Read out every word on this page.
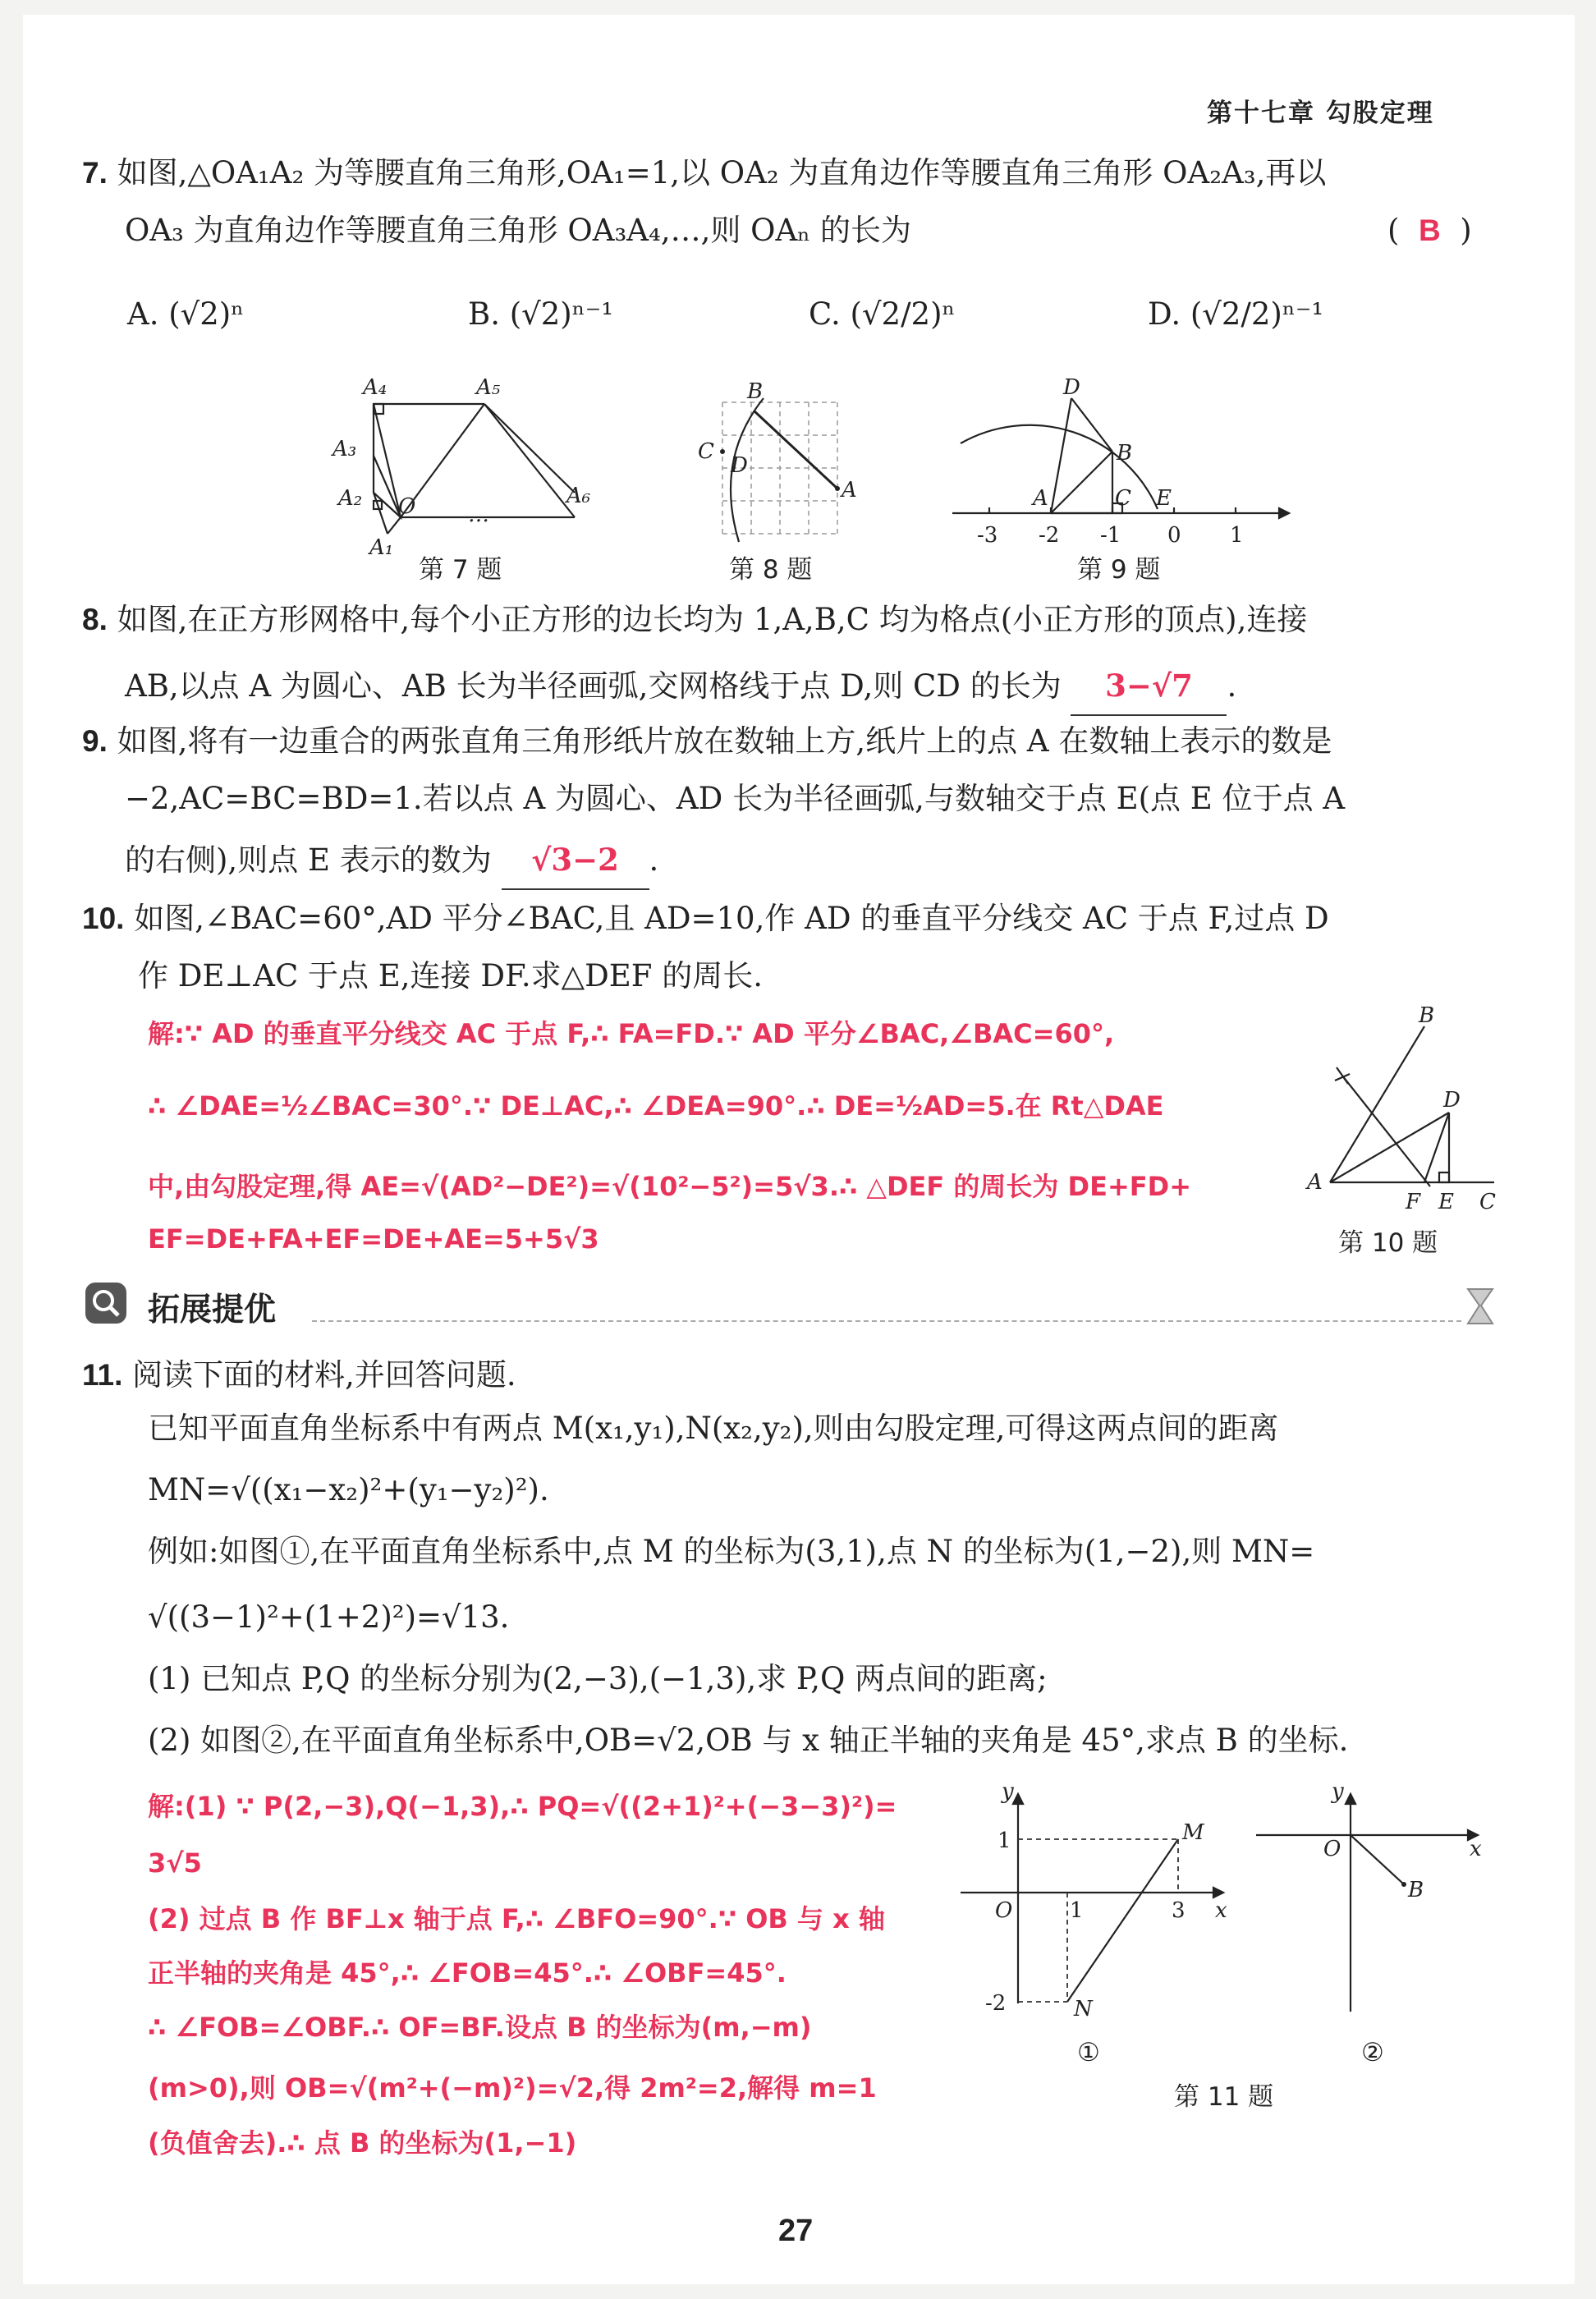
第十七章 勾股定理
7. 如图,△OA₁A₂ 为等腰直角三角形,OA₁=1,以 OA₂ 为直角边作等腰直角三角形 OA₂A₃,再以
OA₃ 为直角边作等腰直角三角形 OA₃A₄,…,则 OAₙ 的长为	( B )
A. (√2)ⁿ	B. (√2)ⁿ⁻¹	C. (√2/2)ⁿ	D. (√2/2)ⁿ⁻¹
A₄	A₅
A₃
A₂ O
A₁
A₆
…
B
C
D
A
D
B
A	C E
-3 -2 -1 0 1
第 7 题	第 8 题	第 9 题
8. 如图,在正方形网格中,每个小正方形的边长均为 1,A,B,C 均为格点(小正方形的顶点),连接
AB,以点 A 为圆心、AB 长为半径画弧,交网格线于点 D,则 CD 的长为 3−√7 .
9. 如图,将有一边重合的两张直角三角形纸片放在数轴上方,纸片上的点 A 在数轴上表示的数是
−2,AC=BC=BD=1.若以点 A 为圆心、AD 长为半径画弧,与数轴交于点 E(点 E 位于点 A
的右侧),则点 E 表示的数为 √3−2 .
10. 如图,∠BAC=60°,AD 平分∠BAC,且 AD=10,作 AD 的垂直平分线交 AC 于点 F,过点 D
作 DE⊥AC 于点 E,连接 DF.求△DEF 的周长.
解:∵ AD 的垂直平分线交 AC 于点 F,∴ FA=FD.∵ AD 平分∠BAC,∠BAC=60°,
∴ ∠DAE=½∠BAC=30°.∵ DE⊥AC,∴ ∠DEA=90°.∴ DE=½AD=5.在 Rt△DAE
中,由勾股定理,得 AE=√(AD²−DE²)=√(10²−5²)=5√3.∴ △DEF 的周长为 DE+FD+
EF=DE+FA+EF=DE+AE=5+5√3
B
D
A
F E C
第 10 题
拓展提优
11. 阅读下面的材料,并回答问题.
已知平面直角坐标系中有两点 M(x₁,y₁),N(x₂,y₂),则由勾股定理,可得这两点间的距离
MN=√((x₁−x₂)²+(y₁−y₂)²).
例如:如图①,在平面直角坐标系中,点 M 的坐标为(3,1),点 N 的坐标为(1,−2),则 MN=
√((3−1)²+(1+2)²)=√13.
(1) 已知点 P,Q 的坐标分别为(2,−3),(−1,3),求 P,Q 两点间的距离;
(2) 如图②,在平面直角坐标系中,OB=√2,OB 与 x 轴正半轴的夹角是 45°,求点 B 的坐标.
解:(1) ∵ P(2,−3),Q(−1,3),∴ PQ=√((2+1)²+(−3−3)²)=
3√5
(2) 过点 B 作 BF⊥x 轴于点 F,∴ ∠BFO=90°.∵ OB 与 x 轴
正半轴的夹角是 45°,∴ ∠FOB=45°.∴ ∠OBF=45°.
∴ ∠FOB=∠OBF.∴ OF=BF.设点 B 的坐标为(m,−m)
(m>0),则 OB=√(m²+(−m)²)=√2,得 2m²=2,解得 m=1
(负值舍去).∴ 点 B 的坐标为(1,−1)
y
1	M
O	1	3 x
-2	N
y
O	x
B
①	②
第 11 题
27
